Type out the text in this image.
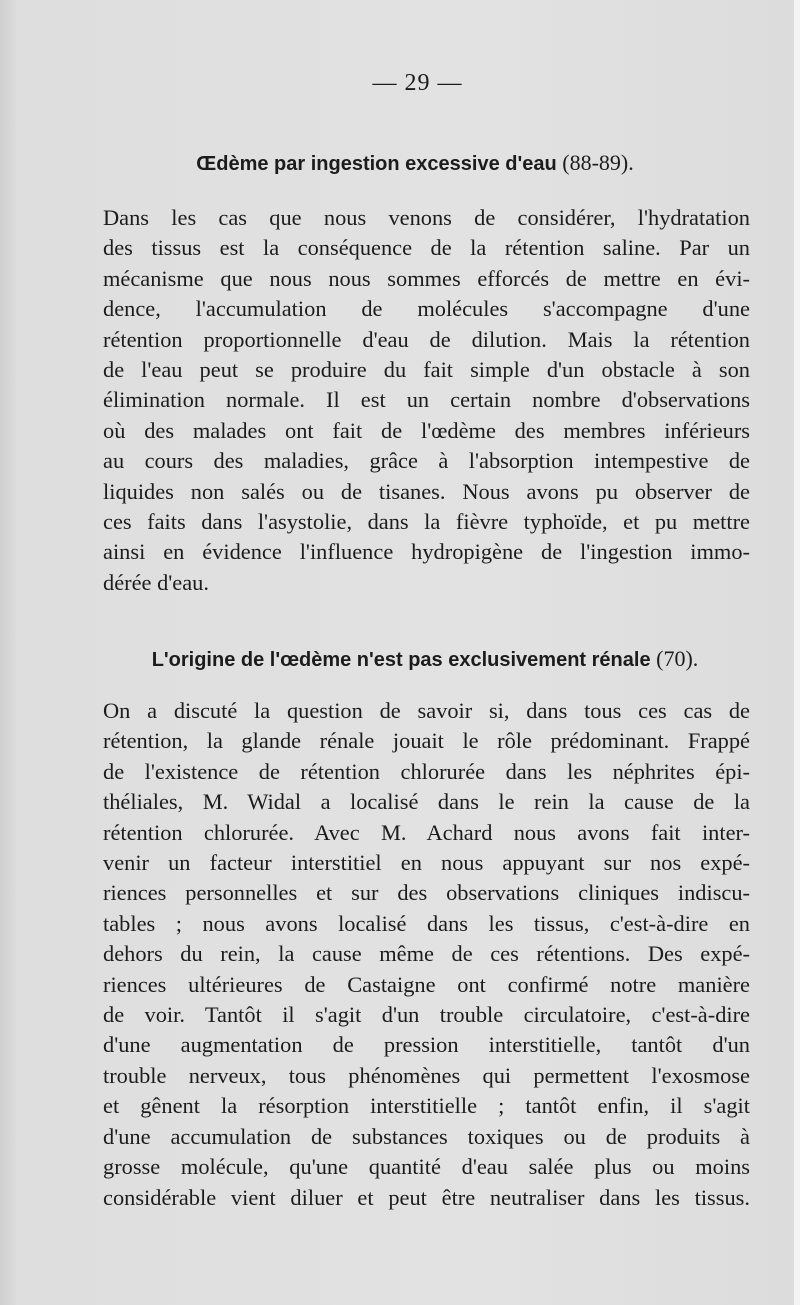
— 29 —
Œdème par ingestion excessive d'eau (88-89).
Dans les cas que nous venons de considérer, l'hydratation
des tissus est la conséquence de la rétention saline. Par un
mécanisme que nous nous sommes efforcés de mettre en évi-
dence, l'accumulation de molécules s'accompagne d'une
rétention proportionnelle d'eau de dilution. Mais la rétention
de l'eau peut se produire du fait simple d'un obstacle à son
élimination normale. Il est un certain nombre d'observations
où des malades ont fait de l'œdème des membres inférieurs
au cours des maladies, grâce à l'absorption intempestive de
liquides non salés ou de tisanes. Nous avons pu observer de
ces faits dans l'asystolie, dans la fièvre typhoïde, et pu mettre
ainsi en évidence l'influence hydropigène de l'ingestion immo-
dérée d'eau.
L'origine de l'œdème n'est pas exclusivement rénale (70).
On a discuté la question de savoir si, dans tous ces cas de
rétention, la glande rénale jouait le rôle prédominant. Frappé
de l'existence de rétention chlorurée dans les néphrites épi-
théliales, M. Widal a localisé dans le rein la cause de la
rétention chlorurée. Avec M. Achard nous avons fait inter-
venir un facteur interstitiel en nous appuyant sur nos expé-
riences personnelles et sur des observations cliniques indiscu-
tables ; nous avons localisé dans les tissus, c'est-à-dire en
dehors du rein, la cause même de ces rétentions. Des expé-
riences ultérieures de Castaigne ont confirmé notre manière
de voir. Tantôt il s'agit d'un trouble circulatoire, c'est-à-dire
d'une augmentation de pression interstitielle, tantôt d'un
trouble nerveux, tous phénomènes qui permettent l'exosmose
et gênent la résorption interstitielle ; tantôt enfin, il s'agit
d'une accumulation de substances toxiques ou de produits à
grosse molécule, qu'une quantité d'eau salée plus ou moins
considérable vient diluer et peut être neutraliser dans les tissus.
